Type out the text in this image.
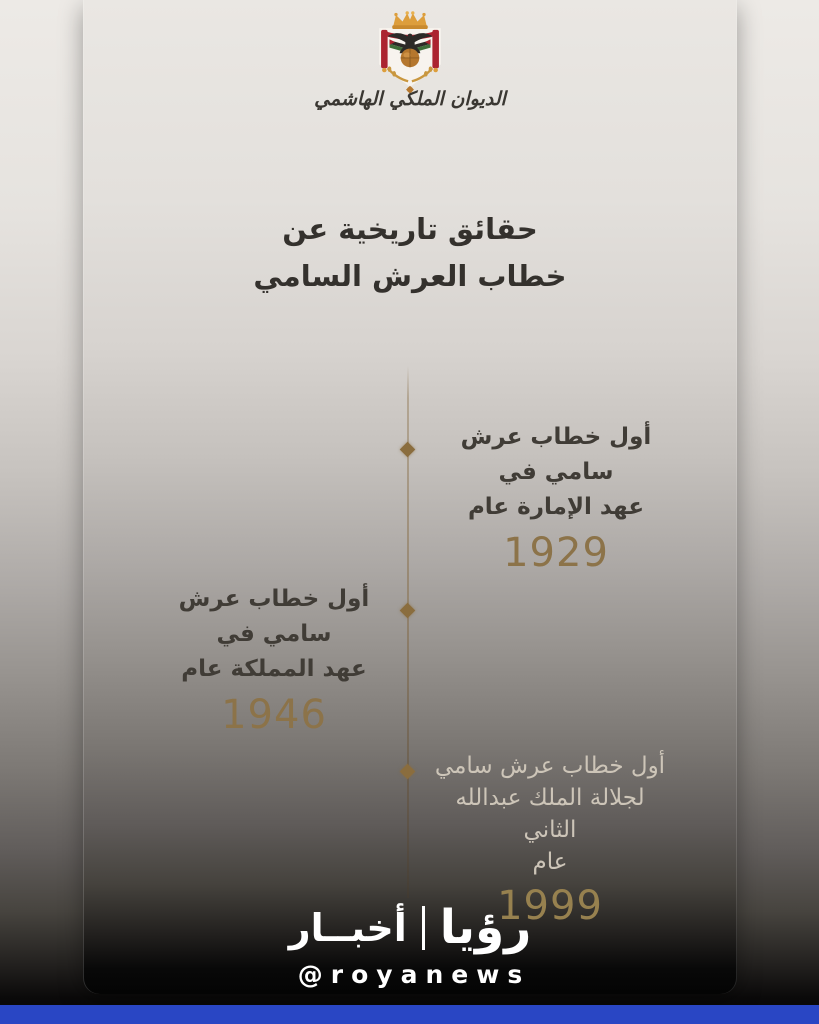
الديوان الملكي الهاشمي
حقائق تاريخية عن
خطاب العرش السامي
أول خطاب عرش سامي في
عهد الإمارة عام
1929
أول خطاب عرش سامي في
عهد المملكة عام
1946
أول خطاب عرش سامي
لجلالة الملك عبدالله الثاني
عام
1999
رؤيا
أخبــار
@royanews
